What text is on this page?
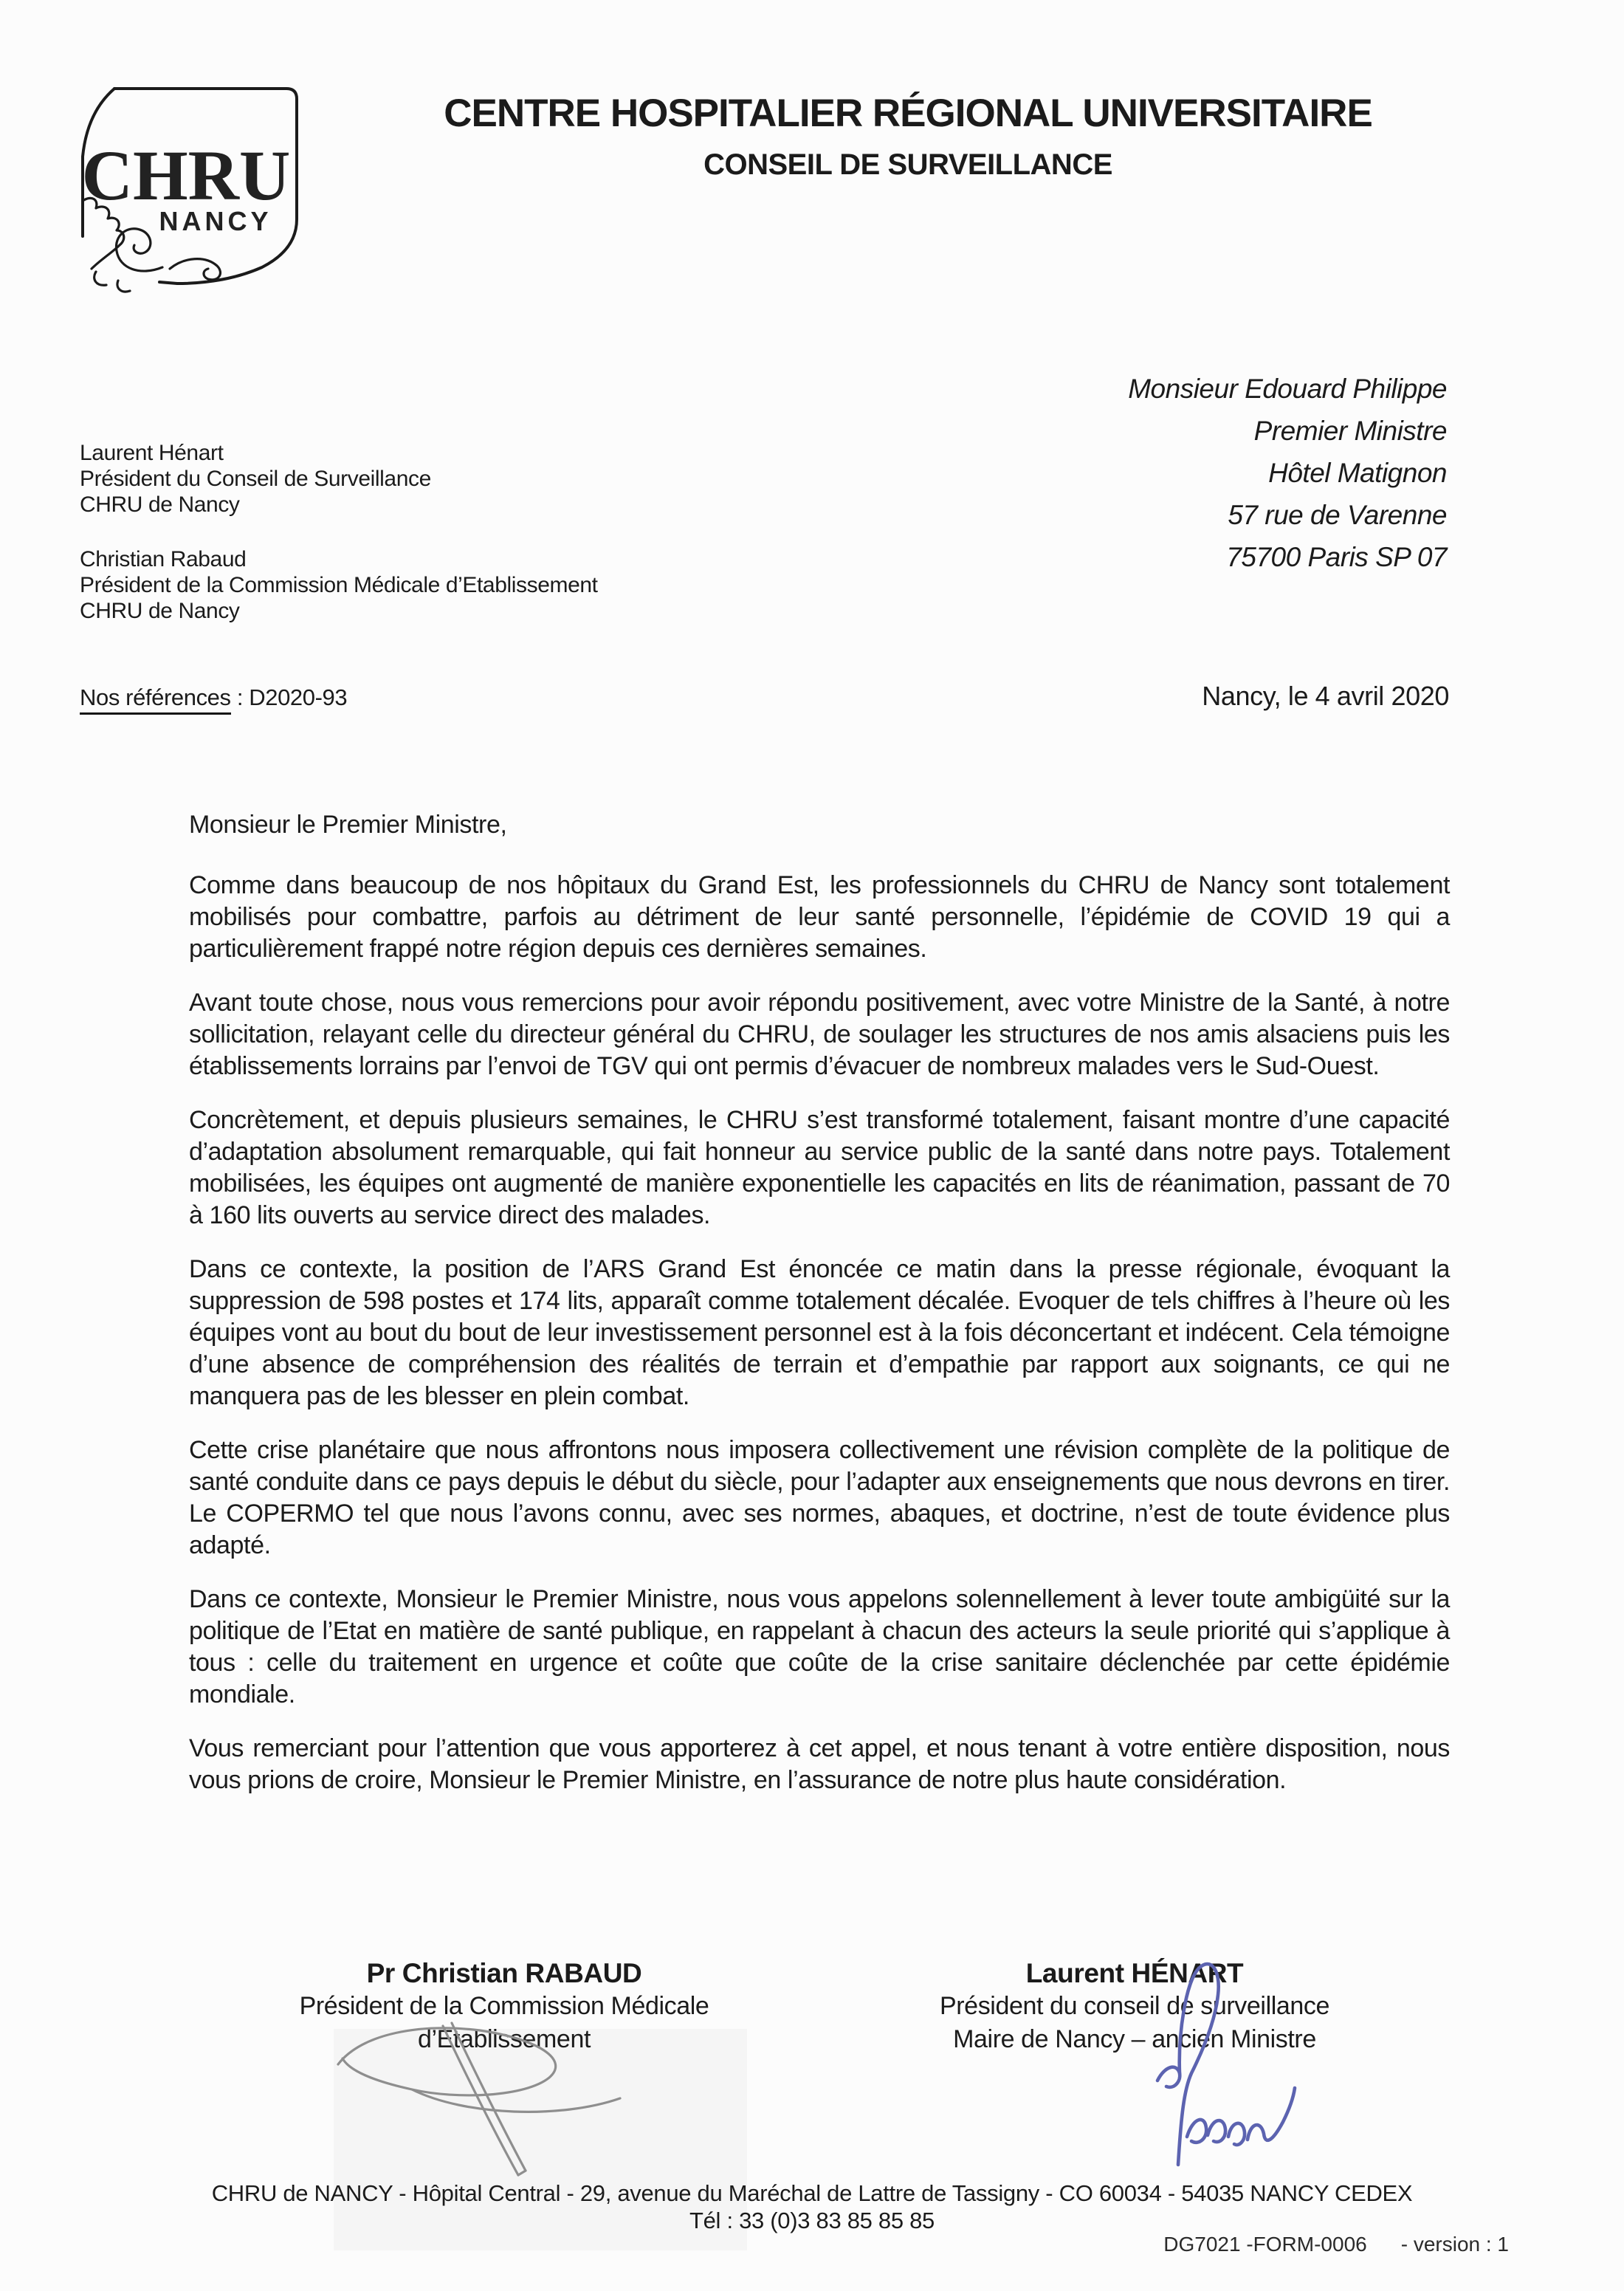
CHRU
NANCY
CENTRE HOSPITALIER RÉGIONAL UNIVERSITAIRE
CONSEIL DE SURVEILLANCE
Monsieur Edouard Philippe
Premier Ministre
Hôtel Matignon
57 rue de Varenne
75700 Paris SP 07
Laurent Hénart
Président du Conseil de Surveillance
CHRU de Nancy
Christian Rabaud
Président de la Commission Médicale d’Etablissement
CHRU de Nancy
Nos références : D2020-93	Nancy, le 4 avril 2020

Monsieur le Premier Ministre,

Comme dans beaucoup de nos hôpitaux du Grand Est, les professionnels du CHRU de Nancy sont totalement mobilisés pour combattre, parfois au détriment de leur santé personnelle, l’épidémie de COVID 19 qui a particulièrement frappé notre région depuis ces dernières semaines.

Avant toute chose, nous vous remercions pour avoir répondu positivement, avec votre Ministre de la Santé, à notre sollicitation, relayant celle du directeur général du CHRU, de soulager les structures de nos amis alsaciens puis les établissements lorrains par l’envoi de TGV qui ont permis d’évacuer de nombreux malades vers le Sud-Ouest.

Concrètement, et depuis plusieurs semaines, le CHRU s’est transformé totalement, faisant montre d’une capacité d’adaptation absolument remarquable, qui fait honneur au service public de la santé dans notre pays. Totalement mobilisées, les équipes ont augmenté de manière exponentielle les capacités en lits de réanimation, passant de 70 à 160 lits ouverts au service direct des malades.

Dans ce contexte, la position de l’ARS Grand Est énoncée ce matin dans la presse régionale, évoquant la suppression de 598 postes et 174 lits, apparaît comme totalement décalée. Evoquer de tels chiffres à l’heure où les équipes vont au bout du bout de leur investissement personnel est à la fois déconcertant et indécent. Cela témoigne d’une absence de compréhension des réalités de terrain et d’empathie par rapport aux soignants, ce qui ne manquera pas de les blesser en plein combat.

Cette crise planétaire que nous affrontons nous imposera collectivement une révision complète de la politique de santé conduite dans ce pays depuis le début du siècle, pour l’adapter aux enseignements que nous devrons en tirer. Le COPERMO tel que nous l’avons connu, avec ses normes, abaques, et doctrine, n’est de toute évidence plus adapté.

Dans ce contexte, Monsieur le Premier Ministre, nous vous appelons solennellement à lever toute ambigüité sur la politique de l’Etat en matière de santé publique, en rappelant à chacun des acteurs la seule priorité qui s’applique à tous : celle du traitement en urgence et coûte que coûte de la crise sanitaire déclenchée par cette épidémie mondiale.

Vous remerciant pour l’attention que vous apporterez à cet appel, et nous tenant à votre entière disposition, nous vous prions de croire, Monsieur le Premier Ministre, en l’assurance de notre plus haute considération.

Pr Christian RABAUD
Président de la Commission Médicale
d’Etablissement
Laurent HÉNART
Président du conseil de surveillance
Maire de Nancy – ancien Ministre
CHRU de NANCY - Hôpital Central - 29, avenue du Maréchal de Lattre de Tassigny - CO 60034 - 54035 NANCY CEDEX
Tél : 33 (0)3 83 85 85 85
DG7021 -FORM-0006 - version : 1
